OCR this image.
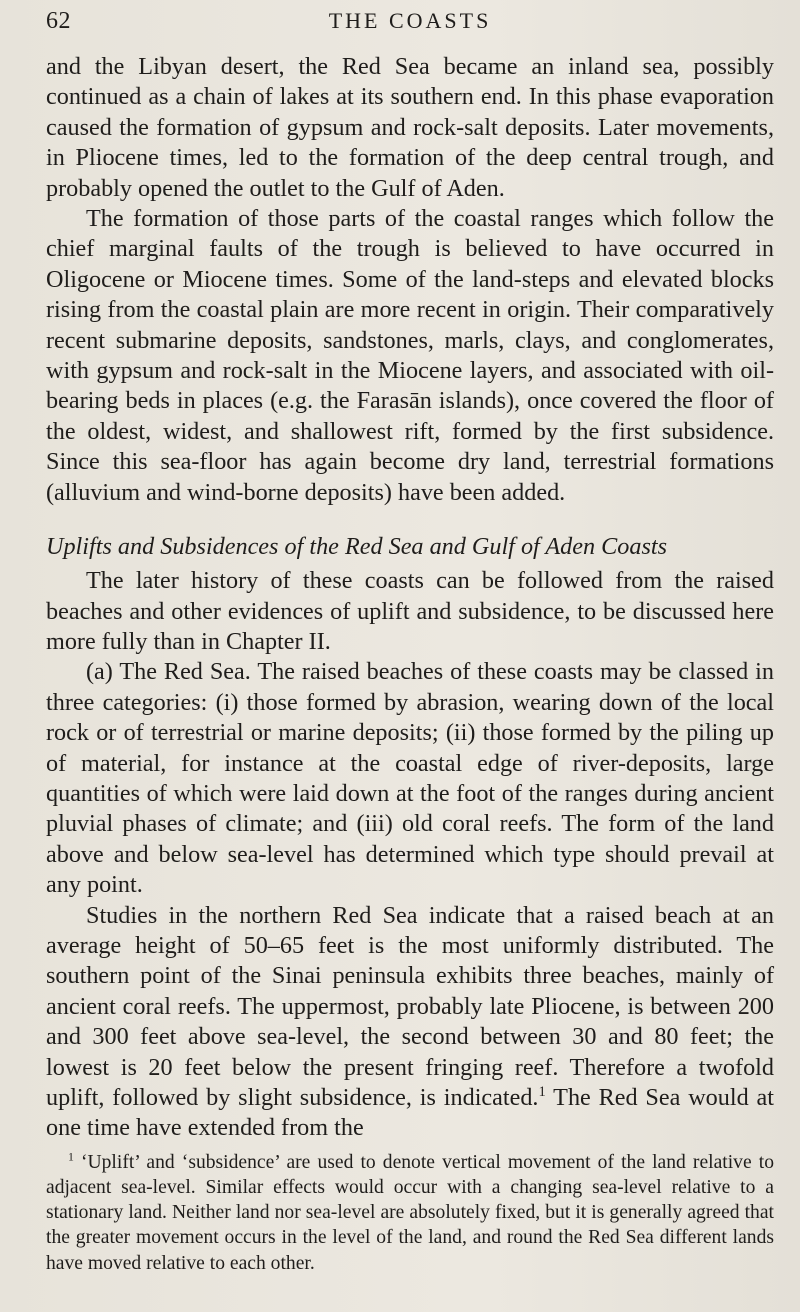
62	THE COASTS

and the Libyan desert, the Red Sea became an inland sea, possibly continued as a chain of lakes at its southern end. In this phase evaporation caused the formation of gypsum and rock-salt deposits. Later movements, in Pliocene times, led to the formation of the deep central trough, and probably opened the outlet to the Gulf of Aden.

The formation of those parts of the coastal ranges which follow the chief marginal faults of the trough is believed to have occurred in Oligocene or Miocene times. Some of the land-steps and elevated blocks rising from the coastal plain are more recent in origin. Their comparatively recent submarine deposits, sandstones, marls, clays, and conglomerates, with gypsum and rock-salt in the Miocene layers, and associated with oil-bearing beds in places (e.g. the Farasān islands), once covered the floor of the oldest, widest, and shallowest rift, formed by the first subsidence. Since this sea-floor has again become dry land, terrestrial formations (alluvium and wind-borne deposits) have been added.

Uplifts and Subsidences of the Red Sea and Gulf of Aden Coasts

The later history of these coasts can be followed from the raised beaches and other evidences of uplift and subsidence, to be discussed here more fully than in Chapter II.

(a) The Red Sea. The raised beaches of these coasts may be classed in three categories: (i) those formed by abrasion, wearing down of the local rock or of terrestrial or marine deposits; (ii) those formed by the piling up of material, for instance at the coastal edge of river-deposits, large quantities of which were laid down at the foot of the ranges during ancient pluvial phases of climate; and (iii) old coral reefs. The form of the land above and below sea-level has determined which type should prevail at any point.

Studies in the northern Red Sea indicate that a raised beach at an average height of 50–65 feet is the most uniformly distributed. The southern point of the Sinai peninsula exhibits three beaches, mainly of ancient coral reefs. The uppermost, probably late Pliocene, is between 200 and 300 feet above sea-level, the second between 30 and 80 feet; the lowest is 20 feet below the present fringing reef. Therefore a twofold uplift, followed by slight subsidence, is indicated.$^1$ The Red Sea would at one time have extended from the

$^1$ ‘Uplift’ and ‘subsidence’ are used to denote vertical movement of the land relative to adjacent sea-level. Similar effects would occur with a changing sea-level relative to a stationary land. Neither land nor sea-level are absolutely fixed, but it is generally agreed that the greater movement occurs in the level of the land, and round the Red Sea different lands have moved relative to each other.
